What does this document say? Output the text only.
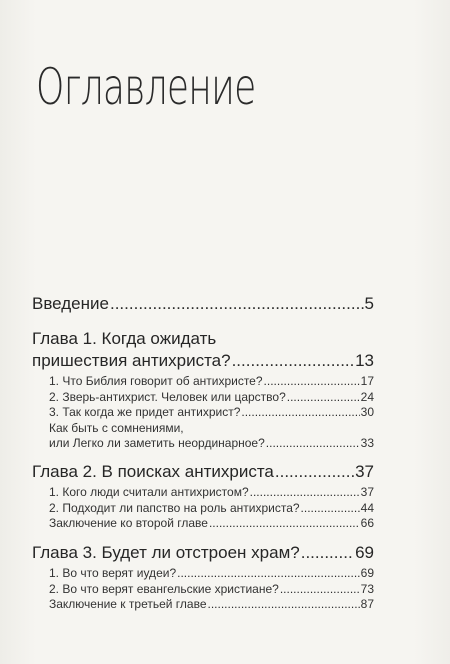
Оглавление
Введение .....	5
Глава 1. Когда ожидать
пришествия антихриста? .....	13
1. Что Библия говорит об антихристе? .....	17
2. Зверь-антихрист. Человек или царство? .....	24
3. Так когда же придет антихрист? .....	30
Как быть с сомнениями,
или Легко ли заметить неординарное? .....	33
Глава 2. В поисках антихриста .....	37
1. Кого люди считали антихристом? .....	37
2. Подходит ли папство на роль антихриста? .....	44
Заключение ко второй главе .....	66
Глава 3. Будет ли отстроен храм? .....	69
1. Во что верят иудеи? .....	69
2. Во что верят евангельские христиане? .....	73
Заключение к третьей главе .....	87
